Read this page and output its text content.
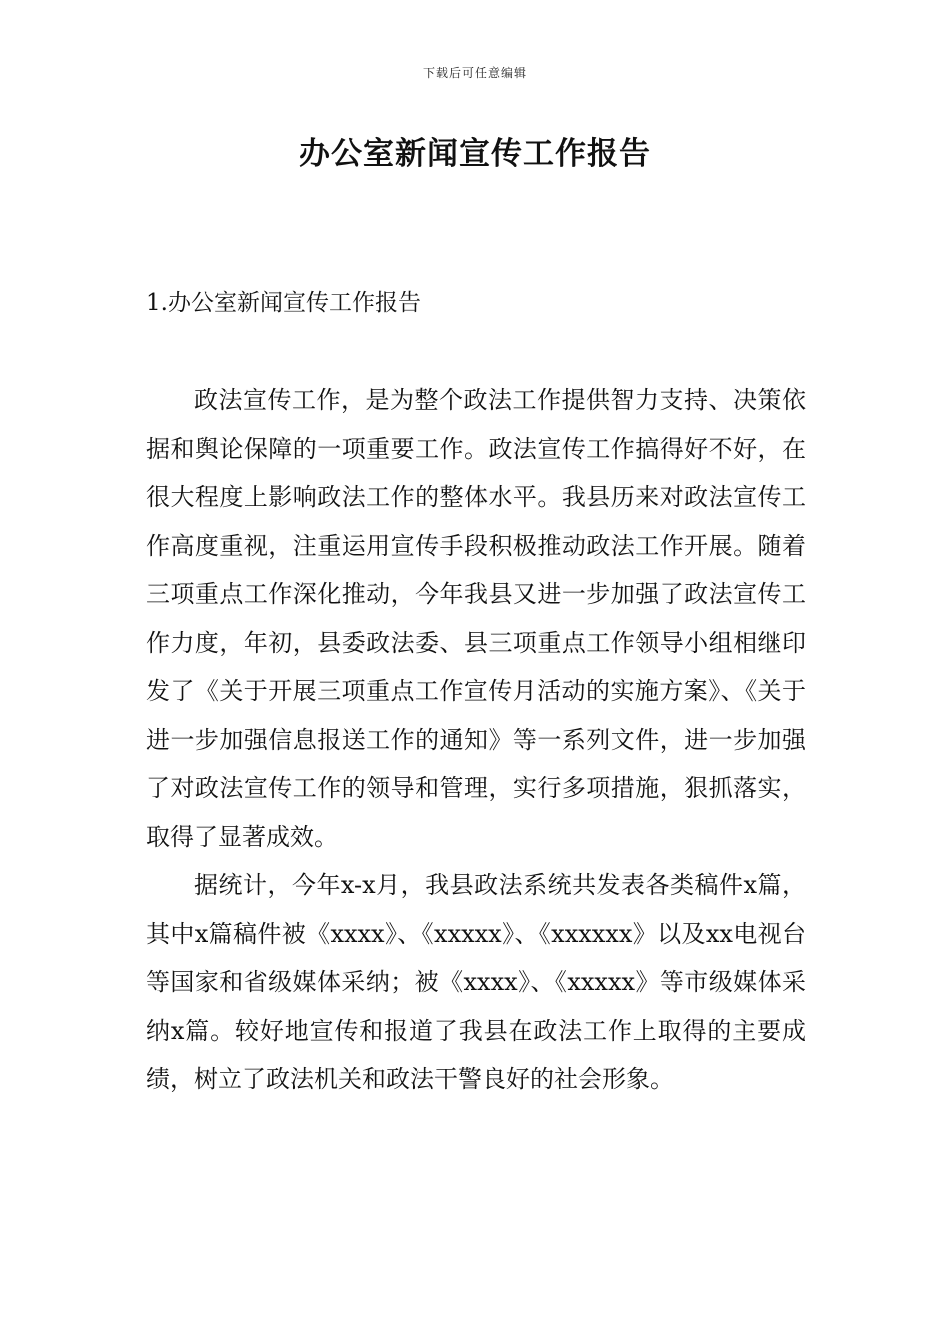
下载后可任意编辑
办公室新闻宣传工作报告
1.办公室新闻宣传工作报告

政法宣传工作，是为整个政法工作提供智力支持、决策依据和舆论保障的一项重要工作。政法宣传工作搞得好不好，在很大程度上影响政法工作的整体水平。我县历来对政法宣传工作高度重视，注重运用宣传手段积极推动政法工作开展。随着三项重点工作深化推动，今年我县又进一步加强了政法宣传工作力度，年初，县委政法委、县三项重点工作领导小组相继印发了《关于开展三项重点工作宣传月活动的实施方案》、《关于进一步加强信息报送工作的通知》等一系列文件，进一步加强了对政法宣传工作的领导和管理，实行多项措施，狠抓落实，取得了显著成效。

据统计，今年x-x月，我县政法系统共发表各类稿件x篇，其中x篇稿件被《xxxx》、《xxxxx》、《xxxxxx》以及xx电视台等国家和省级媒体采纳；被《xxxx》、《xxxxx》等市级媒体采纳x篇。较好地宣传和报道了我县在政法工作上取得的主要成绩，树立了政法机关和政法干警良好的社会形象。
